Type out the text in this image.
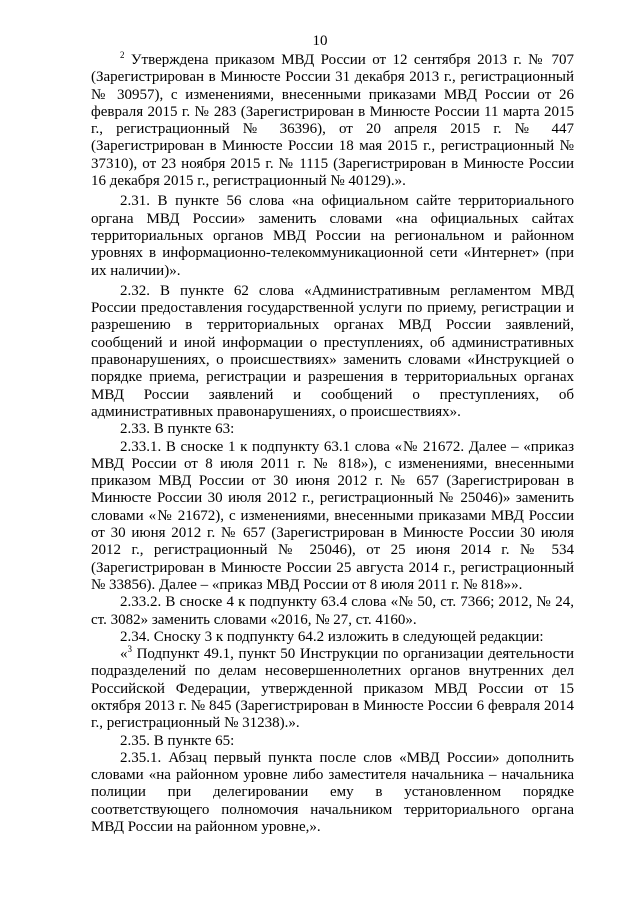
10

$^2$ Утверждена приказом МВД России от 12 сентября 2013 г. № 707 (Зарегистрирован в Минюсте России 31 декабря 2013 г., регистрационный № 30957), с изменениями, внесенными приказами МВД России от 26 февраля 2015 г. № 283 (Зарегистрирован в Минюсте России 11 марта 2015 г., регистрационный № 36396), от 20 апреля 2015 г. № 447 (Зарегистрирован в Минюсте России 18 мая 2015 г., регистрационный № 37310), от 23 ноября 2015 г. № 1115 (Зарегистрирован в Минюсте России 16 декабря 2015 г., регистрационный № 40129).».

2.31. В пункте 56 слова «на официальном сайте территориального органа МВД России» заменить словами «на официальных сайтах территориальных органов МВД России на региональном и районном уровнях в информационно-телекоммуникационной сети «Интернет» (при их наличии)».

2.32. В пункте 62 слова «Административным регламентом МВД России предоставления государственной услуги по приему, регистрации и разрешению в территориальных органах МВД России заявлений, сообщений и иной информации о преступлениях, об административных правонарушениях, о происшествиях» заменить словами «Инструкцией о порядке приема, регистрации и разрешения в территориальных органах МВД России заявлений и сообщений о преступлениях, об административных правонарушениях, о происшествиях».

2.33. В пункте 63:

2.33.1. В сноске 1 к подпункту 63.1 слова «№ 21672. Далее – «приказ МВД России от 8 июля 2011 г. № 818»), с изменениями, внесенными приказом МВД России от 30 июня 2012 г. № 657 (Зарегистрирован в Минюсте России 30 июля 2012 г., регистрационный № 25046)» заменить словами «№ 21672), с изменениями, внесенными приказами МВД России от 30 июня 2012 г. № 657 (Зарегистрирован в Минюсте России 30 июля 2012 г., регистрационный № 25046), от 25 июня 2014 г. № 534 (Зарегистрирован в Минюсте России 25 августа 2014 г., регистрационный № 33856). Далее – «приказ МВД России от 8 июля 2011 г. № 818»».

2.33.2. В сноске 4 к подпункту 63.4 слова «№ 50, ст. 7366; 2012, № 24, ст. 3082» заменить словами «2016, № 27, ст. 4160».

2.34. Сноску 3 к подпункту 64.2 изложить в следующей редакции:

«$^3$ Подпункт 49.1, пункт 50 Инструкции по организации деятельности подразделений по делам несовершеннолетних органов внутренних дел Российской Федерации, утвержденной приказом МВД России от 15 октября 2013 г. № 845 (Зарегистрирован в Минюсте России 6 февраля 2014 г., регистрационный № 31238).».

2.35. В пункте 65:

2.35.1. Абзац первый пункта после слов «МВД России» дополнить словами «на районном уровне либо заместителя начальника – начальника полиции при делегировании ему в установленном порядке соответствующего полномочия начальником территориального органа МВД России на районном уровне,».
